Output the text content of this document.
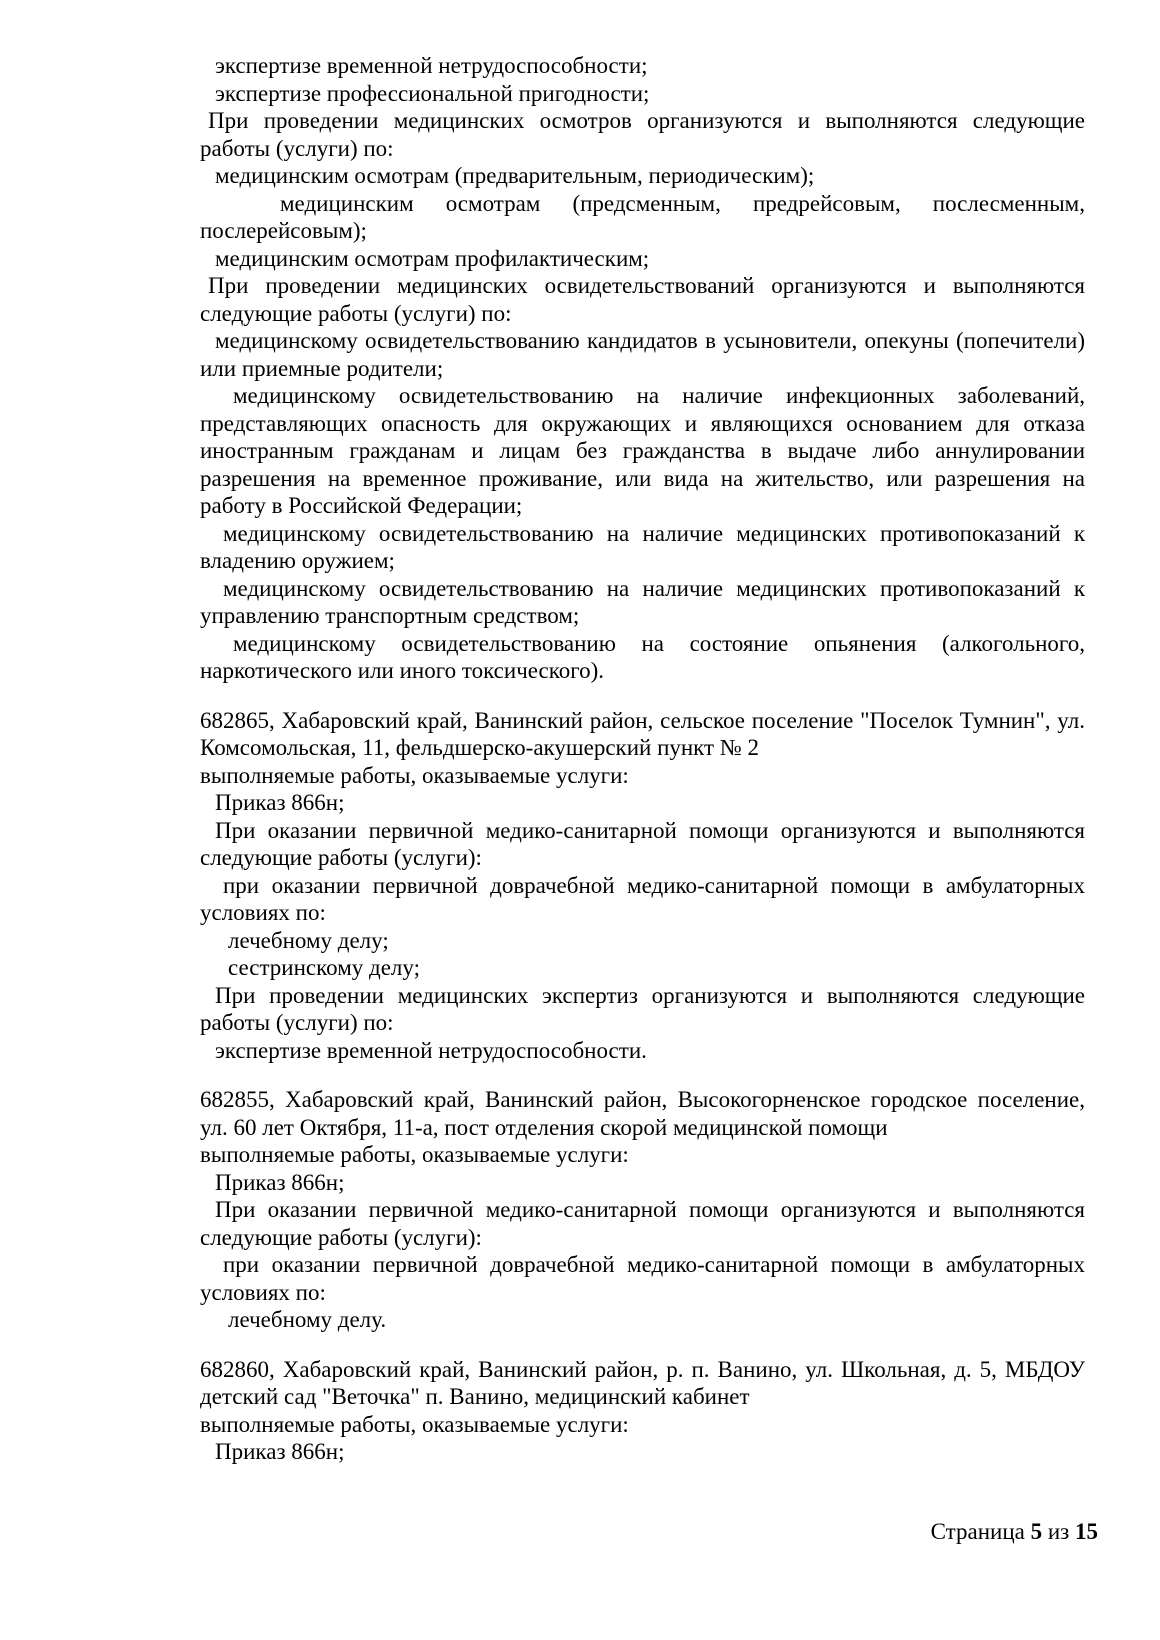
экспертизе временной нетрудоспособности;

экспертизе профессиональной пригодности;

При проведении медицинских осмотров организуются и выполняются следующие работы (услуги) по:

медицинским осмотрам (предварительным, периодическим);

медицинским осмотрам (предсменным, предрейсовым, послесменным, послерейсовым);

медицинским осмотрам профилактическим;

При проведении медицинских освидетельствований организуются и выполняются следующие работы (услуги) по:

медицинскому освидетельствованию кандидатов в усыновители, опекуны (попечители) или приемные родители;

медицинскому освидетельствованию на наличие инфекционных заболеваний, представляющих опасность для окружающих и являющихся основанием для отказа иностранным гражданам и лицам без гражданства в выдаче либо аннулировании разрешения на временное проживание, или вида на жительство, или разрешения на работу в Российской Федерации;

медицинскому освидетельствованию на наличие медицинских противопоказаний к владению оружием;

медицинскому освидетельствованию на наличие медицинских противопоказаний к управлению транспортным средством;

медицинскому освидетельствованию на состояние опьянения (алкогольного, наркотического или иного токсического).

682865, Хабаровский край, Ванинский район, сельское поселение "Поселок Тумнин", ул. Комсомольская, 11, фельдшерско-акушерский пункт № 2

выполняемые работы, оказываемые услуги:

Приказ 866н;

При оказании первичной медико-санитарной помощи организуются и выполняются следующие работы (услуги):

при оказании первичной доврачебной медико-санитарной помощи в амбулаторных условиях по:

лечебному делу;

сестринскому делу;

При проведении медицинских экспертиз организуются и выполняются следующие работы (услуги) по:

экспертизе временной нетрудоспособности.

682855, Хабаровский край, Ванинский район, Высокогорненское городское поселение, ул. 60 лет Октября, 11-а, пост отделения скорой медицинской помощи

выполняемые работы, оказываемые услуги:

Приказ 866н;

При оказании первичной медико-санитарной помощи организуются и выполняются следующие работы (услуги):

при оказании первичной доврачебной медико-санитарной помощи в амбулаторных условиях по:

лечебному делу.

682860, Хабаровский край, Ванинский район, р. п. Ванино, ул. Школьная, д. 5, МБДОУ детский сад "Веточка" п. Ванино, медицинский кабинет

выполняемые работы, оказываемые услуги:

Приказ 866н;

Страница 5 из 15
